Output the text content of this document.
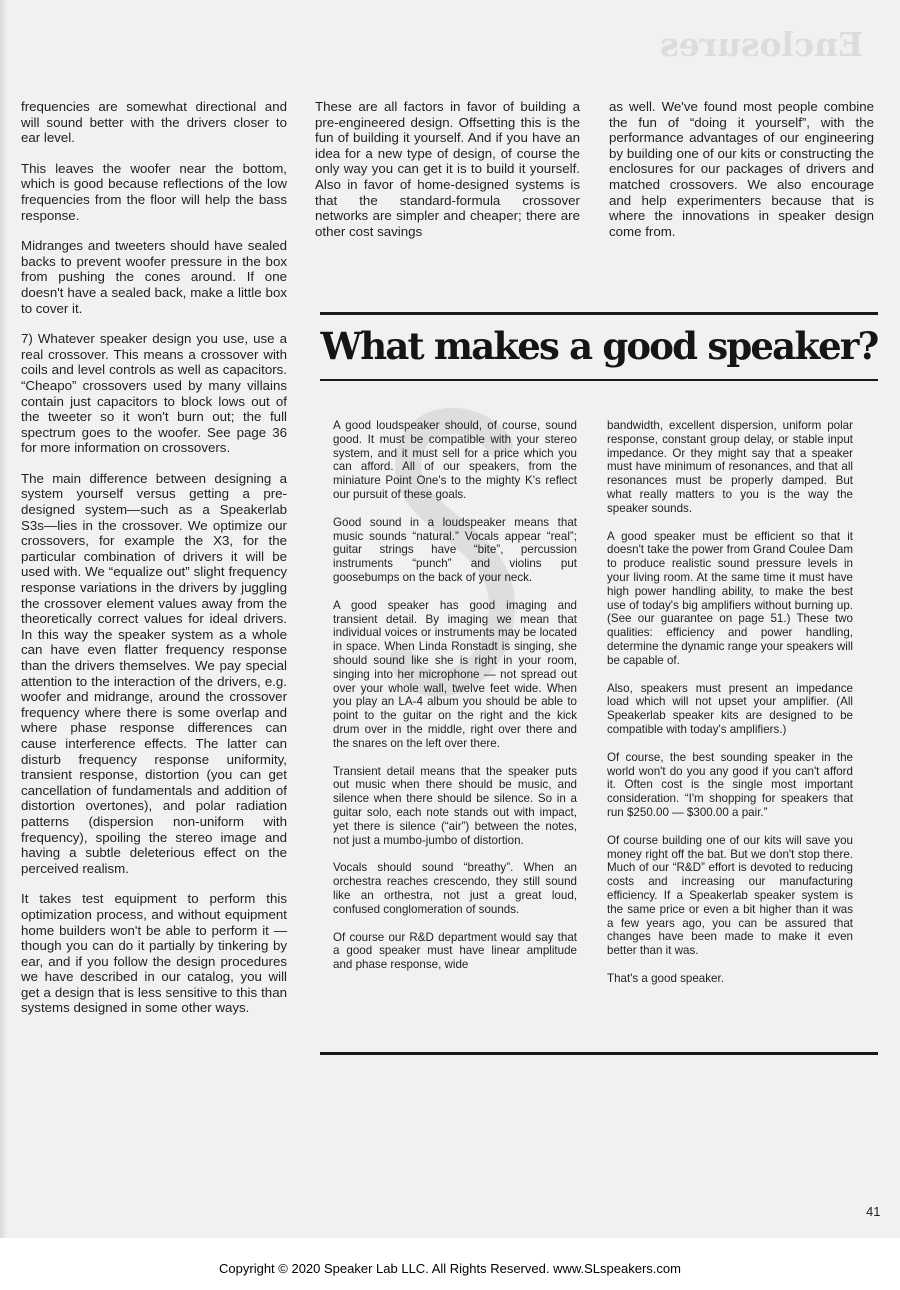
Enclosures

frequencies are somewhat directional and will sound better with the drivers closer to ear level.

This leaves the woofer near the bottom, which is good because reflections of the low frequencies from the floor will help the bass response.

Midranges and tweeters should have sealed backs to prevent woofer pressure in the box from pushing the cones around. If one doesn't have a sealed back, make a little box to cover it.

7) Whatever speaker design you use, use a real crossover. This means a crossover with coils and level controls as well as capacitors. “Cheapo” crossovers used by many villains contain just capacitors to block lows out of the tweeter so it won't burn out; the full spectrum goes to the woofer. See page 36 for more information on crossovers.

The main difference between designing a system yourself versus getting a pre-designed system—such as a Speakerlab S3s—lies in the crossover. We optimize our crossovers, for example the X3, for the particular combination of drivers it will be used with. We “equalize out” slight frequency response variations in the drivers by juggling the crossover element values away from the theoretically correct values for ideal drivers. In this way the speaker system as a whole can have even flatter frequency response than the drivers themselves. We pay special attention to the interaction of the drivers, e.g. woofer and midrange, around the crossover frequency where there is some overlap and where phase response differences can cause interference effects. The latter can disturb frequency response uniformity, transient response, distortion (you can get cancellation of fundamentals and addition of distortion overtones), and polar radiation patterns (dispersion non-uniform with frequency), spoiling the stereo image and having a subtle deleterious effect on the perceived realism.

It takes test equipment to perform this optimization process, and without equipment home builders won't be able to perform it — though you can do it partially by tinkering by ear, and if you follow the design procedures we have described in our catalog, you will get a design that is less sensitive to this than systems designed in some other ways.

These are all factors in favor of building a pre-engineered design. Offsetting this is the fun of building it yourself. And if you have an idea for a new type of design, of course the only way you can get it is to build it yourself. Also in favor of home-designed systems is that the standard-formula crossover networks are simpler and cheaper; there are other cost savings

as well. We've found most people combine the fun of “doing it yourself”, with the performance advantages of our engineering by building one of our kits or constructing the enclosures for our packages of drivers and matched crossovers. We also encourage and help experimenters because that is where the innovations in speaker design come from.

What makes a good speaker?

A good loudspeaker should, of course, sound good. It must be compatible with your stereo system, and it must sell for a price which you can afford. All of our speakers, from the miniature Point One's to the mighty K's reflect our pursuit of these goals.

Good sound in a loudspeaker means that music sounds “natural.” Vocals appear “real”; guitar strings have “bite”, percussion instruments “punch” and violins put goosebumps on the back of your neck.

A good speaker has good imaging and transient detail. By imaging we mean that individual voices or instruments may be located in space. When Linda Ronstadt is singing, she should sound like she is right in your room, singing into her microphone — not spread out over your whole wall, twelve feet wide. When you play an LA-4 album you should be able to point to the guitar on the right and the kick drum over in the middle, right over there and the snares on the left over there.

Transient detail means that the speaker puts out music when there should be music, and silence when there should be silence. So in a guitar solo, each note stands out with impact, yet there is silence (“air”) between the notes, not just a mumbo-jumbo of distortion.

Vocals should sound “breathy”. When an orchestra reaches crescendo, they still sound like an orthestra, not just a great loud, confused conglomeration of sounds.

Of course our R&D department would say that a good speaker must have linear amplitude and phase response, wide

bandwidth, excellent dispersion, uniform polar response, constant group delay, or stable input impedance. Or they might say that a speaker must have minimum of resonances, and that all resonances must be properly damped. But what really matters to you is the way the speaker sounds.

A good speaker must be efficient so that it doesn't take the power from Grand Coulee Dam to produce realistic sound pressure levels in your living room. At the same time it must have high power handling ability, to make the best use of today's big amplifiers without burning up. (See our guarantee on page 51.) These two qualities: efficiency and power handling, determine the dynamic range your speakers will be capable of.

Also, speakers must present an impedance load which will not upset your amplifier. (All Speakerlab speaker kits are designed to be compatible with today's amplifiers.)

Of course, the best sounding speaker in the world won't do you any good if you can't afford it. Often cost is the single most important consideration. “I'm shopping for speakers that run $250.00 — $300.00 a pair.”

Of course building one of our kits will save you money right off the bat. But we don't stop there. Much of our “R&D” effort is devoted to reducing costs and increasing our manufacturing efficiency. If a Speakerlab speaker system is the same price or even a bit higher than it was a few years ago, you can be assured that changes have been made to make it even better than it was.

That's a good speaker.

41
Copyright © 2020 Speaker Lab LLC. All Rights Reserved. www.SLspeakers.com
